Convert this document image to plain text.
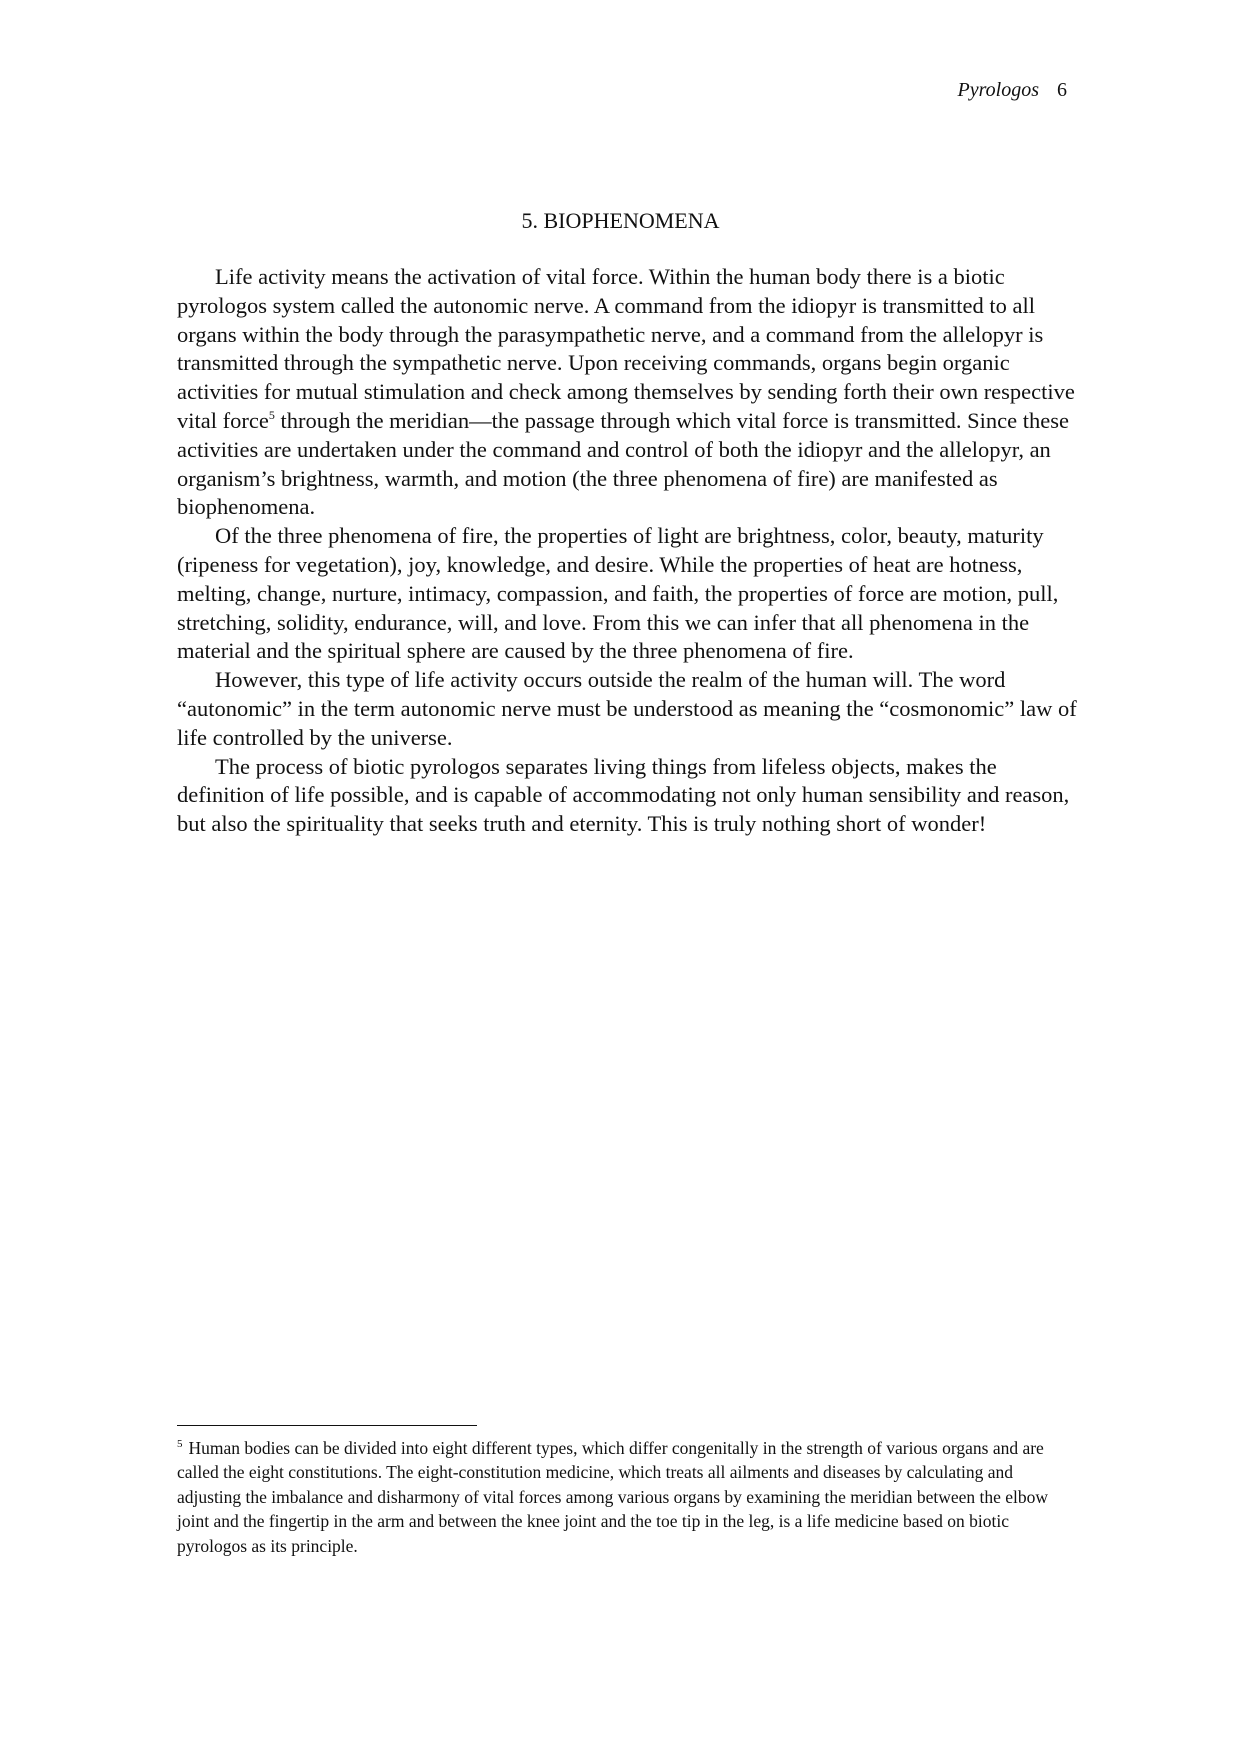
Pyrologos 6
5. BIOPHENOMENA

Life activity means the activation of vital force. Within the human body there is a biotic pyrologos system called the autonomic nerve. A command from the idiopyr is transmitted to all organs within the body through the parasympathetic nerve, and a command from the allelopyr is transmitted through the sympathetic nerve. Upon receiving commands, organs begin organic activities for mutual stimulation and check among themselves by sending forth their own respective vital force$^5$ through the meridian—the passage through which vital force is transmitted. Since these activities are undertaken under the command and control of both the idiopyr and the allelopyr, an organism’s brightness, warmth, and motion (the three phenomena of fire) are manifested as biophenomena.

Of the three phenomena of fire, the properties of light are brightness, color, beauty, maturity (ripeness for vegetation), joy, knowledge, and desire. While the properties of heat are hotness, melting, change, nurture, intimacy, compassion, and faith, the properties of force are motion, pull, stretching, solidity, endurance, will, and love. From this we can infer that all phenomena in the material and the spiritual sphere are caused by the three phenomena of fire.

However, this type of life activity occurs outside the realm of the human will. The word “autonomic” in the term autonomic nerve must be understood as meaning the “cosmonomic” law of life controlled by the universe.

The process of biotic pyrologos separates living things from lifeless objects, makes the definition of life possible, and is capable of accommodating not only human sensibility and reason, but also the spirituality that seeks truth and eternity. This is truly nothing short of wonder!

$^5$ Human bodies can be divided into eight different types, which differ congenitally in the strength of various organs and are called the eight constitutions. The eight-constitution medicine, which treats all ailments and diseases by calculating and adjusting the imbalance and disharmony of vital forces among various organs by examining the meridian between the elbow joint and the fingertip in the arm and between the knee joint and the toe tip in the leg, is a life medicine based on biotic pyrologos as its principle.
